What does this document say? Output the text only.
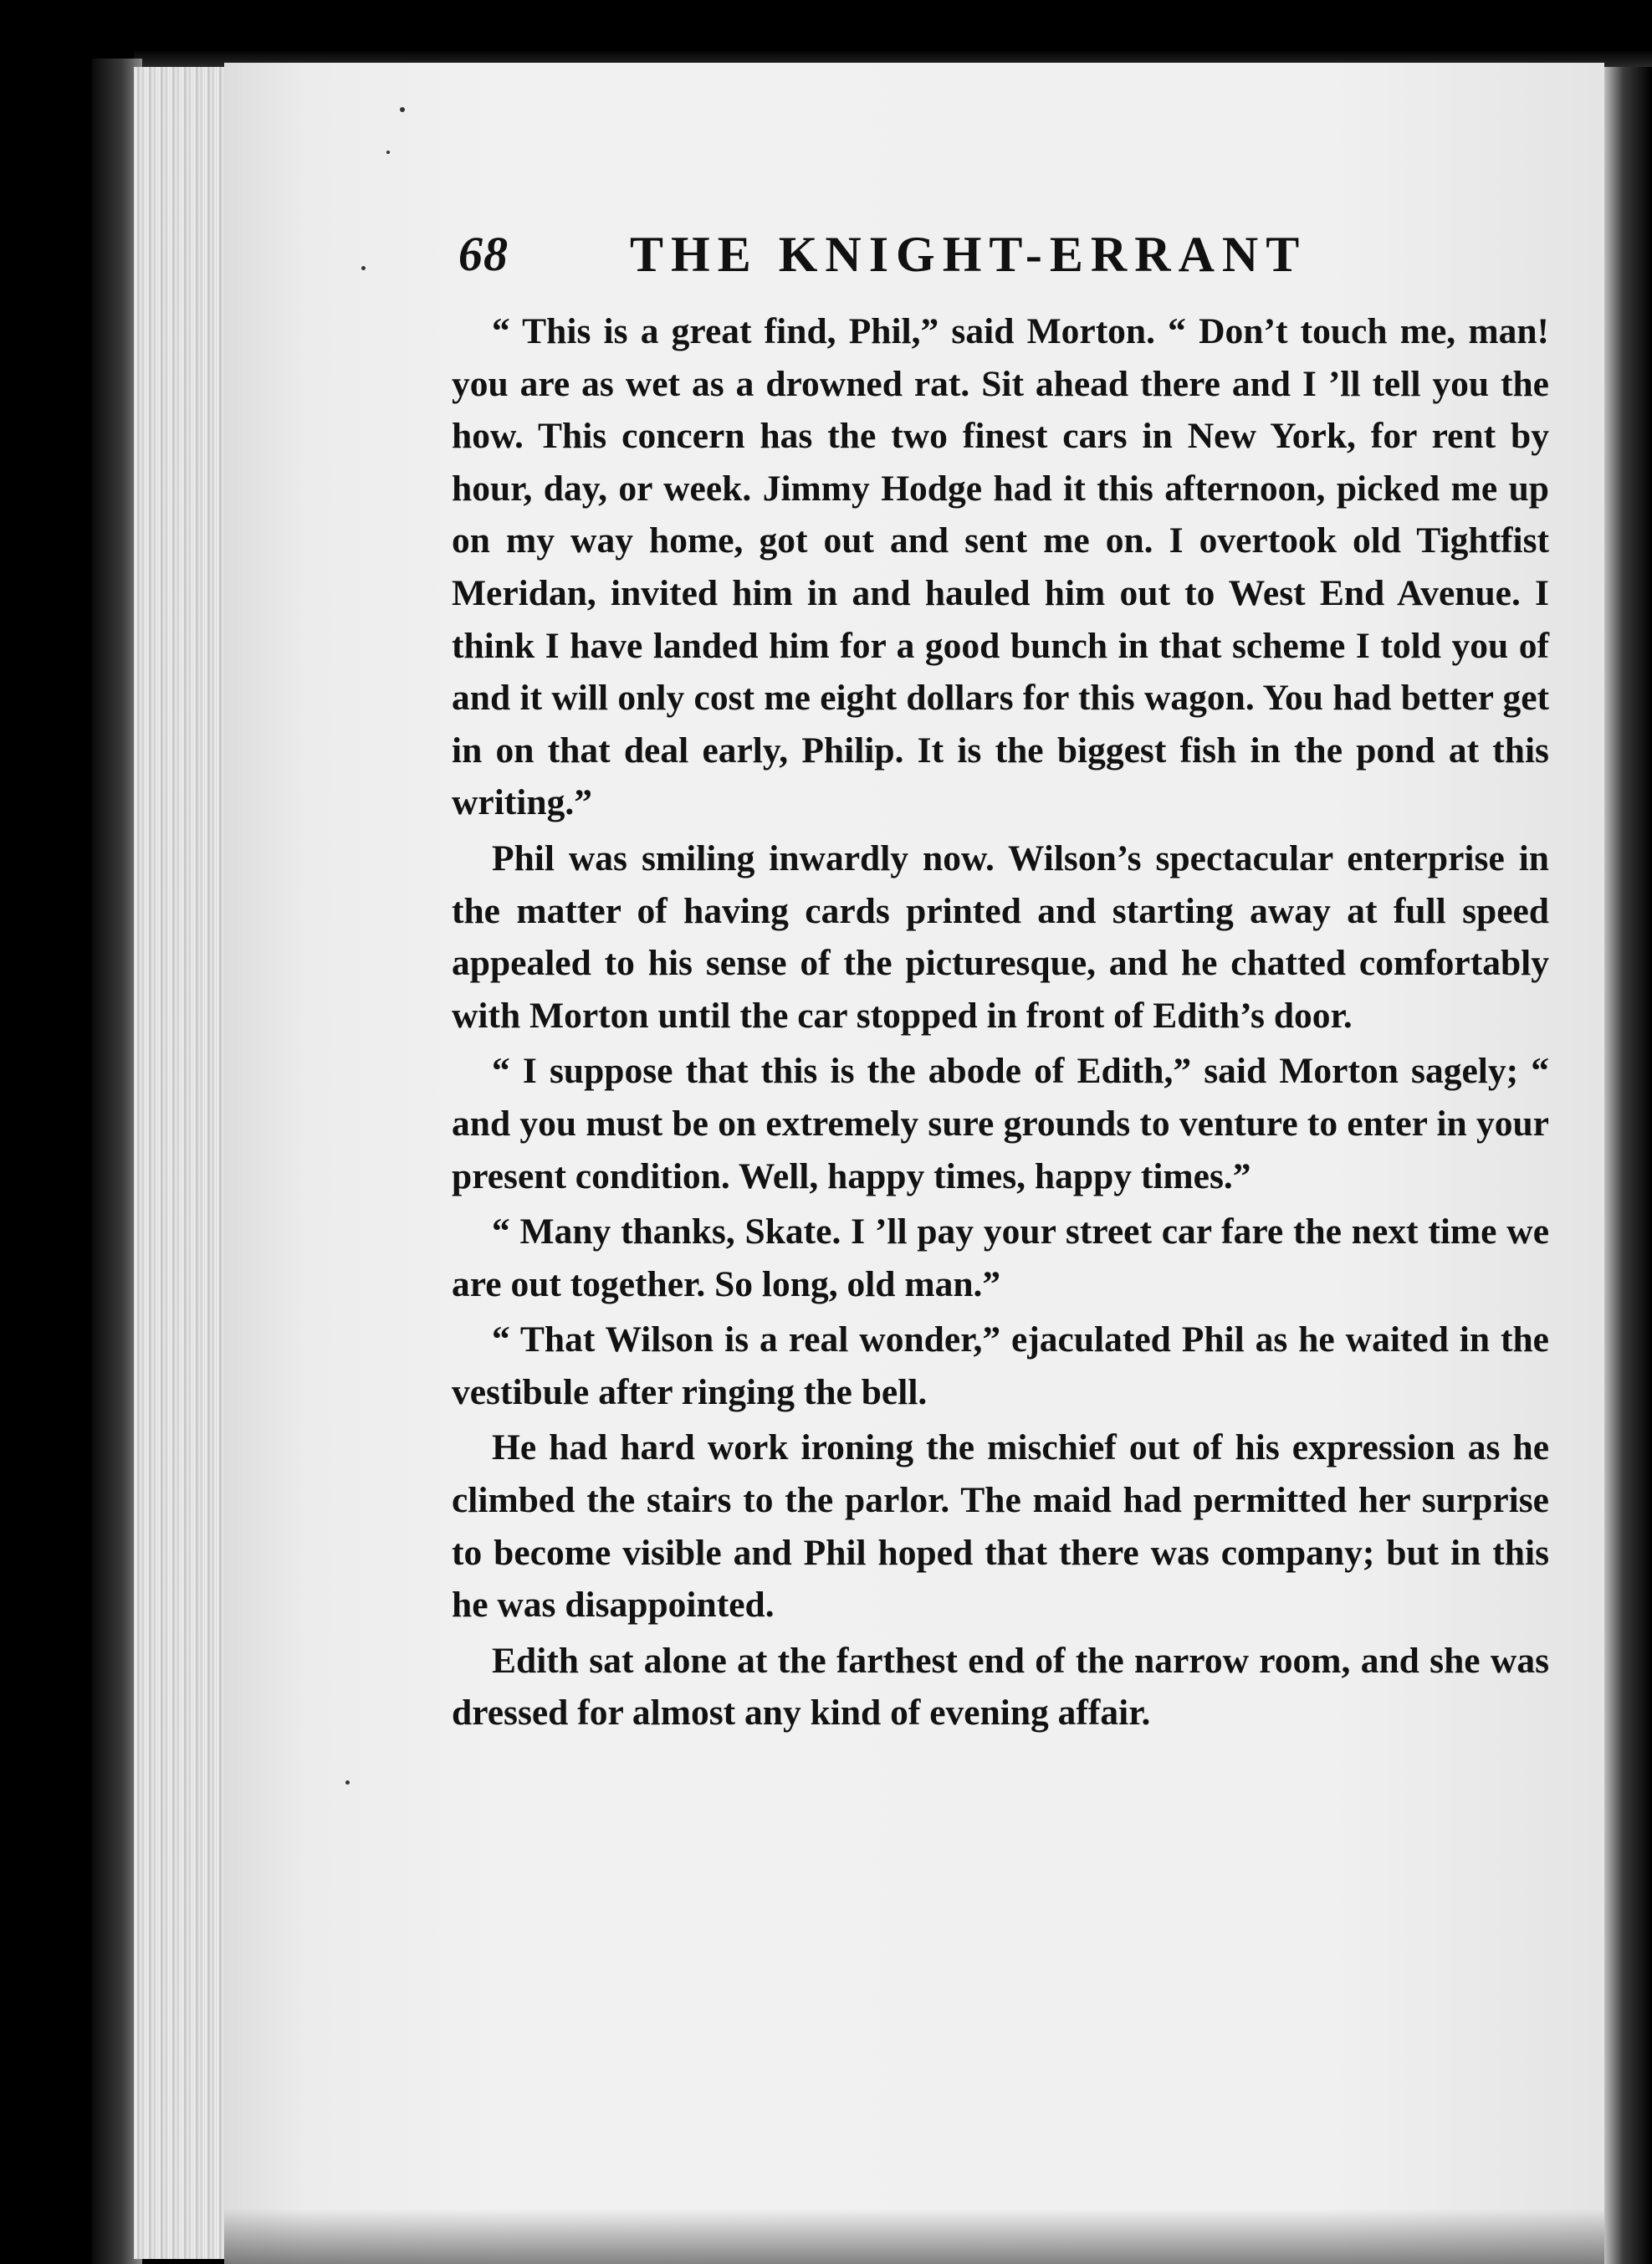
68 THE KNIGHT-ERRANT

“ This is a great find, Phil,” said Morton. “ Don’t touch me, man! you are as wet as a drowned rat. Sit ahead there and I ’ll tell you the how. This concern has the two finest cars in New York, for rent by hour, day, or week. Jimmy Hodge had it this afternoon, picked me up on my way home, got out and sent me on. I overtook old Tightfist Meridan, invited him in and hauled him out to West End Avenue. I think I have landed him for a good bunch in that scheme I told you of and it will only cost me eight dollars for this wagon. You had better get in on that deal early, Philip. It is the biggest fish in the pond at this writing.”

Phil was smiling inwardly now. Wilson’s spectacular enterprise in the matter of having cards printed and starting away at full speed appealed to his sense of the picturesque, and he chatted comfortably with Morton until the car stopped in front of Edith’s door.

“ I suppose that this is the abode of Edith,” said Morton sagely; “ and you must be on extremely sure grounds to venture to enter in your present condition. Well, happy times, happy times.”

“ Many thanks, Skate. I ’ll pay your street car fare the next time we are out together. So long, old man.”

“ That Wilson is a real wonder,” ejaculated Phil as he waited in the vestibule after ringing the bell.

He had hard work ironing the mischief out of his expression as he climbed the stairs to the parlor. The maid had permitted her surprise to become visible and Phil hoped that there was company; but in this he was disappointed.

Edith sat alone at the farthest end of the narrow room, and she was dressed for almost any kind of evening affair.
